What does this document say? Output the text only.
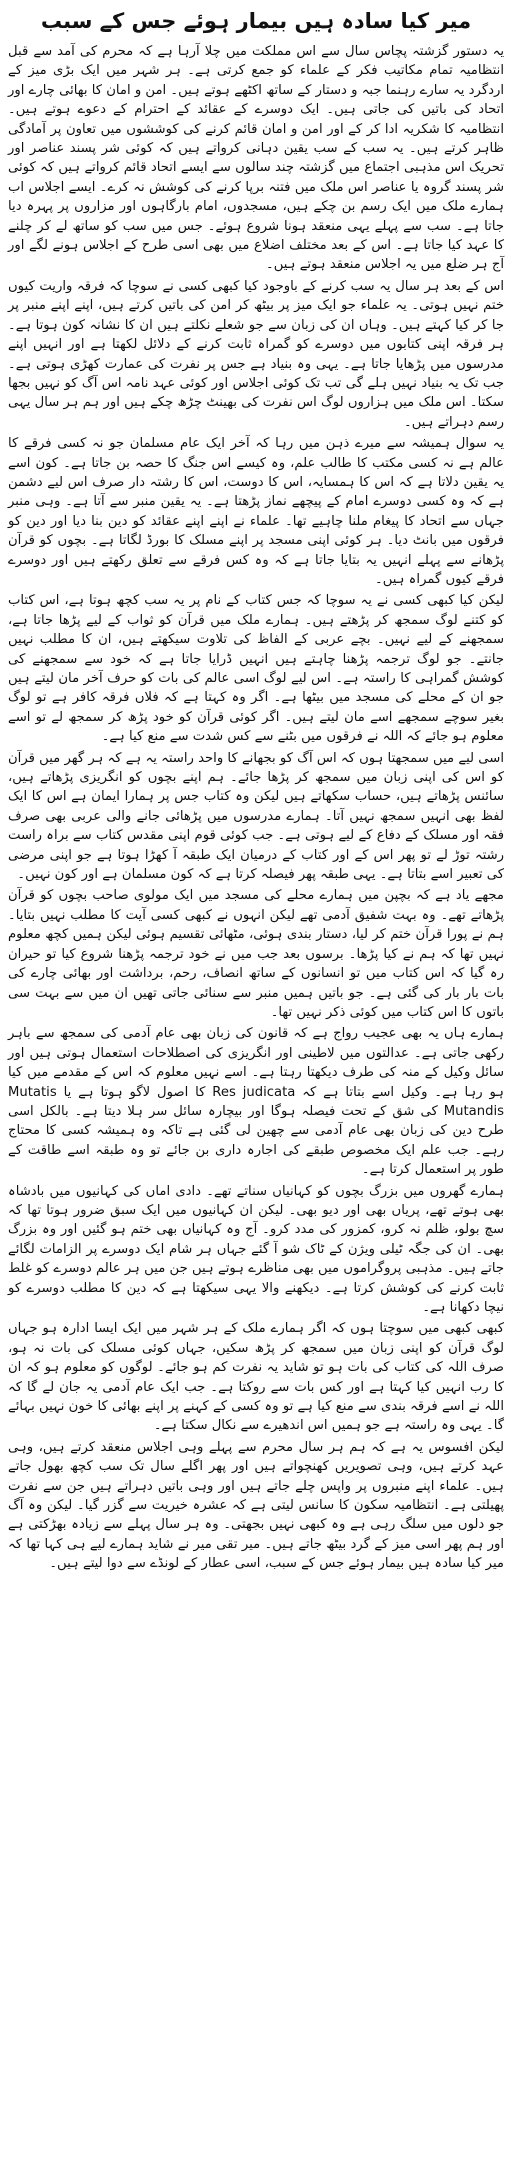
میر کیا سادہ ہیں بیمار ہوئے جس کے سبب

یہ دستور گزشتہ پچاس سال سے اس مملکت میں چلا آرہا ہے کہ محرم کی آمد سے قبل انتظامیہ تمام مکاتیب فکر کے علماء کو جمع کرتی ہے۔ ہر شہر میں ایک بڑی میز کے اردگرد یہ سارے رہنما جبہ و دستار کے ساتھ اکٹھے ہوتے ہیں۔ امن و امان کا بھائی چارے اور اتحاد کی باتیں کی جاتی ہیں۔ ایک دوسرے کے عقائد کے احترام کے دعوے ہوتے ہیں۔ انتظامیہ کا شکریہ ادا کر کے اور امن و امان قائم کرنے کی کوششوں میں تعاون پر آمادگی ظاہر کرتے ہیں۔ یہ سب کے سب یقین دہانی کرواتے ہیں کہ کوئی شر پسند عناصر اور تحریک اس مذہبی اجتماع میں گزشتہ چند سالوں سے ایسے اتحاد قائم کرواتے ہیں کہ کوئی شر پسند گروہ یا عناصر اس ملک میں فتنہ برپا کرنے کی کوشش نہ کرے۔ ایسے اجلاس اب ہمارے ملک میں ایک رسم بن چکے ہیں، مسجدوں، امام بارگاہوں اور مزاروں پر پہرہ دیا جاتا ہے۔ سب سے پہلے یہی منعقد ہونا شروع ہوئے۔ جس میں سب کو ساتھ لے کر چلنے کا عہد کیا جاتا ہے۔ اس کے بعد مختلف اضلاع میں بھی اسی طرح کے اجلاس ہونے لگے اور آج ہر ضلع میں یہ اجلاس منعقد ہوتے ہیں۔

اس کے بعد ہر سال یہ سب کرنے کے باوجود کیا کبھی کسی نے سوچا کہ فرقہ واریت کیوں ختم نہیں ہوتی۔ یہ علماء جو ایک میز پر بیٹھ کر امن کی باتیں کرتے ہیں، اپنے اپنے منبر پر جا کر کیا کہتے ہیں۔ وہاں ان کی زبان سے جو شعلے نکلتے ہیں ان کا نشانہ کون ہوتا ہے۔ ہر فرقہ اپنی کتابوں میں دوسرے کو گمراہ ثابت کرنے کے دلائل لکھتا ہے اور انہیں اپنے مدرسوں میں پڑھایا جاتا ہے۔ یہی وہ بنیاد ہے جس پر نفرت کی عمارت کھڑی ہوتی ہے۔ جب تک یہ بنیاد نہیں ہلے گی تب تک کوئی اجلاس اور کوئی عہد نامہ اس آگ کو نہیں بجھا سکتا۔ اس ملک میں ہزاروں لوگ اس نفرت کی بھینٹ چڑھ چکے ہیں اور ہم ہر سال یہی رسم دہراتے ہیں۔

یہ سوال ہمیشہ سے میرے ذہن میں رہا کہ آخر ایک عام مسلمان جو نہ کسی فرقے کا عالم ہے نہ کسی مکتب کا طالب علم، وہ کیسے اس جنگ کا حصہ بن جاتا ہے۔ کون اسے یہ یقین دلاتا ہے کہ اس کا ہمسایہ، اس کا دوست، اس کا رشتہ دار صرف اس لیے دشمن ہے کہ وہ کسی دوسرے امام کے پیچھے نماز پڑھتا ہے۔ یہ یقین منبر سے آتا ہے۔ وہی منبر جہاں سے اتحاد کا پیغام ملنا چاہیے تھا۔ علماء نے اپنے اپنے عقائد کو دین بنا دیا اور دین کو فرقوں میں بانٹ دیا۔ ہر کوئی اپنی مسجد پر اپنے مسلک کا بورڈ لگاتا ہے۔ بچوں کو قرآن پڑھانے سے پہلے انہیں یہ بتایا جاتا ہے کہ وہ کس فرقے سے تعلق رکھتے ہیں اور دوسرے فرقے کیوں گمراہ ہیں۔

لیکن کیا کبھی کسی نے یہ سوچا کہ جس کتاب کے نام پر یہ سب کچھ ہوتا ہے، اس کتاب کو کتنے لوگ سمجھ کر پڑھتے ہیں۔ ہمارے ملک میں قرآن کو ثواب کے لیے پڑھا جاتا ہے، سمجھنے کے لیے نہیں۔ بچے عربی کے الفاظ کی تلاوت سیکھتے ہیں، ان کا مطلب نہیں جانتے۔ جو لوگ ترجمہ پڑھنا چاہتے ہیں انہیں ڈرایا جاتا ہے کہ خود سے سمجھنے کی کوشش گمراہی کا راستہ ہے۔ اس لیے لوگ اسی عالم کی بات کو حرف آخر مان لیتے ہیں جو ان کے محلے کی مسجد میں بیٹھا ہے۔ اگر وہ کہتا ہے کہ فلاں فرقہ کافر ہے تو لوگ بغیر سوچے سمجھے اسے مان لیتے ہیں۔ اگر کوئی قرآن کو خود پڑھ کر سمجھ لے تو اسے معلوم ہو جائے کہ اللہ نے فرقوں میں بٹنے سے کس شدت سے منع کیا ہے۔

اسی لیے میں سمجھتا ہوں کہ اس آگ کو بجھانے کا واحد راستہ یہ ہے کہ ہر گھر میں قرآن کو اس کی اپنی زبان میں سمجھ کر پڑھا جائے۔ ہم اپنے بچوں کو انگریزی پڑھاتے ہیں، سائنس پڑھاتے ہیں، حساب سکھاتے ہیں لیکن وہ کتاب جس پر ہمارا ایمان ہے اس کا ایک لفظ بھی انہیں سمجھ نہیں آتا۔ ہمارے مدرسوں میں پڑھائی جانے والی عربی بھی صرف فقہ اور مسلک کے دفاع کے لیے ہوتی ہے۔ جب کوئی قوم اپنی مقدس کتاب سے براہ راست رشتہ توڑ لے تو پھر اس کے اور کتاب کے درمیان ایک طبقہ آ کھڑا ہوتا ہے جو اپنی مرضی کی تعبیر اسے بتاتا ہے۔ یہی طبقہ پھر فیصلہ کرتا ہے کہ کون مسلمان ہے اور کون نہیں۔

مجھے یاد ہے کہ بچپن میں ہمارے محلے کی مسجد میں ایک مولوی صاحب بچوں کو قرآن پڑھاتے تھے۔ وہ بہت شفیق آدمی تھے لیکن انہوں نے کبھی کسی آیت کا مطلب نہیں بتایا۔ ہم نے پورا قرآن ختم کر لیا، دستار بندی ہوئی، مٹھائی تقسیم ہوئی لیکن ہمیں کچھ معلوم نہیں تھا کہ ہم نے کیا پڑھا۔ برسوں بعد جب میں نے خود ترجمہ پڑھنا شروع کیا تو حیران رہ گیا کہ اس کتاب میں تو انسانوں کے ساتھ انصاف، رحم، برداشت اور بھائی چارے کی بات بار بار کی گئی ہے۔ جو باتیں ہمیں منبر سے سنائی جاتی تھیں ان میں سے بہت سی باتوں کا اس کتاب میں کوئی ذکر نہیں تھا۔

ہمارے ہاں یہ بھی عجیب رواج ہے کہ قانون کی زبان بھی عام آدمی کی سمجھ سے باہر رکھی جاتی ہے۔ عدالتوں میں لاطینی اور انگریزی کی اصطلاحات استعمال ہوتی ہیں اور سائل وکیل کے منہ کی طرف دیکھتا رہتا ہے۔ اسے نہیں معلوم کہ اس کے مقدمے میں کیا ہو رہا ہے۔ وکیل اسے بتاتا ہے کہ Res judicata کا اصول لاگو ہوتا ہے یا Mutatis Mutandis کی شق کے تحت فیصلہ ہوگا اور بیچارہ سائل سر ہلا دیتا ہے۔ بالکل اسی طرح دین کی زبان بھی عام آدمی سے چھین لی گئی ہے تاکہ وہ ہمیشہ کسی کا محتاج رہے۔ جب علم ایک مخصوص طبقے کی اجارہ داری بن جائے تو وہ طبقہ اسے طاقت کے طور پر استعمال کرتا ہے۔

ہمارے گھروں میں بزرگ بچوں کو کہانیاں سناتے تھے۔ دادی اماں کی کہانیوں میں بادشاہ بھی ہوتے تھے، پریاں بھی اور دیو بھی۔ لیکن ان کہانیوں میں ایک سبق ضرور ہوتا تھا کہ سچ بولو، ظلم نہ کرو، کمزور کی مدد کرو۔ آج وہ کہانیاں بھی ختم ہو گئیں اور وہ بزرگ بھی۔ ان کی جگہ ٹیلی ویژن کے ٹاک شو آ گئے جہاں ہر شام ایک دوسرے پر الزامات لگائے جاتے ہیں۔ مذہبی پروگراموں میں بھی مناظرے ہوتے ہیں جن میں ہر عالم دوسرے کو غلط ثابت کرنے کی کوشش کرتا ہے۔ دیکھنے والا یہی سیکھتا ہے کہ دین کا مطلب دوسرے کو نیچا دکھانا ہے۔

کبھی کبھی میں سوچتا ہوں کہ اگر ہمارے ملک کے ہر شہر میں ایک ایسا ادارہ ہو جہاں لوگ قرآن کو اپنی زبان میں سمجھ کر پڑھ سکیں، جہاں کوئی مسلک کی بات نہ ہو، صرف اللہ کی کتاب کی بات ہو تو شاید یہ نفرت کم ہو جائے۔ لوگوں کو معلوم ہو کہ ان کا رب انہیں کیا کہتا ہے اور کس بات سے روکتا ہے۔ جب ایک عام آدمی یہ جان لے گا کہ اللہ نے اسے فرقہ بندی سے منع کیا ہے تو وہ کسی کے کہنے پر اپنے بھائی کا خون نہیں بہائے گا۔ یہی وہ راستہ ہے جو ہمیں اس اندھیرے سے نکال سکتا ہے۔

لیکن افسوس یہ ہے کہ ہم ہر سال محرم سے پہلے وہی اجلاس منعقد کرتے ہیں، وہی عہد کرتے ہیں، وہی تصویریں کھنچواتے ہیں اور پھر اگلے سال تک سب کچھ بھول جاتے ہیں۔ علماء اپنے منبروں پر واپس چلے جاتے ہیں اور وہی باتیں دہراتے ہیں جن سے نفرت پھیلتی ہے۔ انتظامیہ سکون کا سانس لیتی ہے کہ عشرہ خیریت سے گزر گیا۔ لیکن وہ آگ جو دلوں میں سلگ رہی ہے وہ کبھی نہیں بجھتی۔ وہ ہر سال پہلے سے زیادہ بھڑکتی ہے اور ہم پھر اسی میز کے گرد بیٹھ جاتے ہیں۔ میر تقی میر نے شاید ہمارے لیے ہی کہا تھا کہ میر کیا سادہ ہیں بیمار ہوئے جس کے سبب، اسی عطار کے لونڈے سے دوا لیتے ہیں۔
